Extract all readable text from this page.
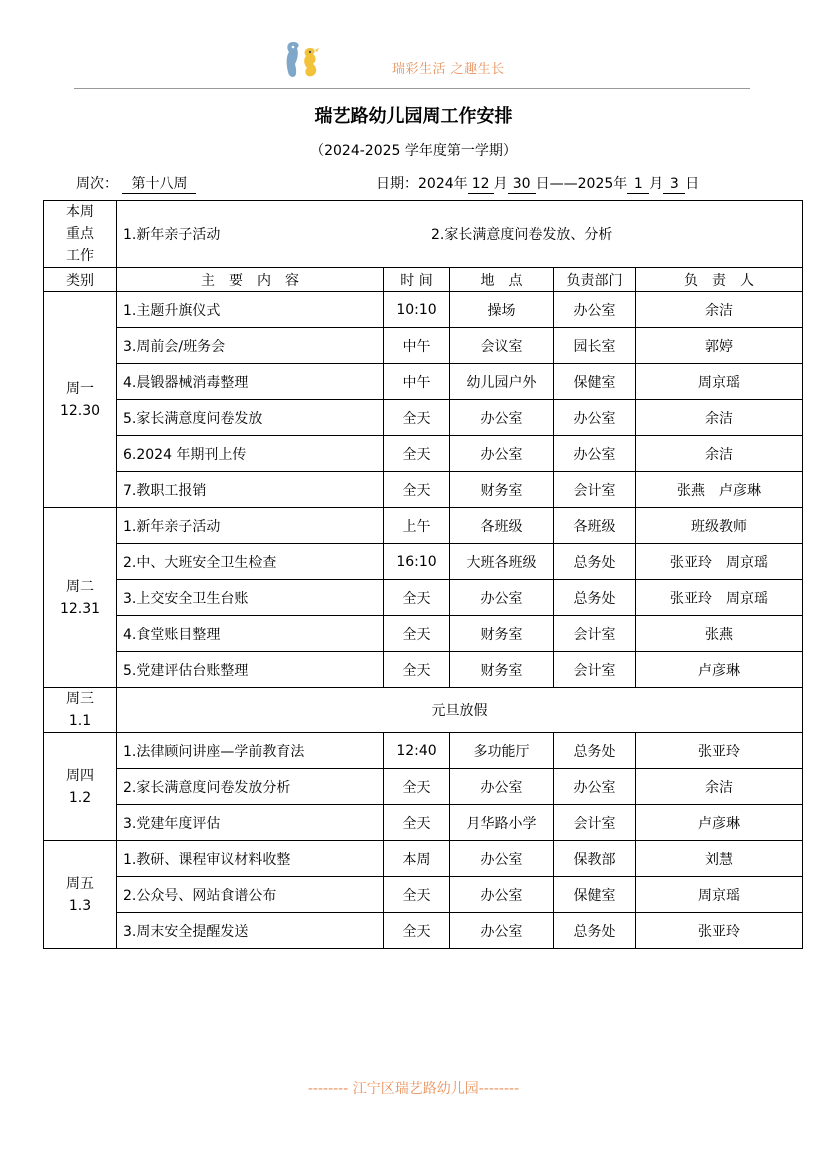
瑞彩生活 之趣生长
瑞艺路幼儿园周工作安排
（2024-2025 学年度第一学期）
周次： 第十八周	日期：2024年 12 月 30 日——2025年 1 月 3 日
本周
重点
工作	1.新年亲子活动 2.家长满意度问卷发放、分析				
类别	主　要　内　容	时 间	地　点	负责部门	负　责　人

周一
12.30	1.主题升旗仪式	10:10	操场	办公室	余洁
	3.周前会/班务会	中午	会议室	园长室	郭婷
	4.晨锻器械消毒整理	中午	幼儿园户外	保健室	周京瑶
	5.家长满意度问卷发放	全天	办公室	办公室	余洁
	6.2024 年期刊上传	全天	办公室	办公室	余洁
	7.教职工报销	全天	财务室	会计室	张燕　卢彦琳

周二
12.31	1.新年亲子活动	上午	各班级	各班级	班级教师
	2.中、大班安全卫生检查	16:10	大班各班级	总务处	张亚玲　周京瑶
	3.上交安全卫生台账	全天	办公室	总务处	张亚玲　周京瑶
	4.食堂账目整理	全天	财务室	会计室	张燕
	5.党建评估台账整理	全天	财务室	会计室	卢彦琳

周三
1.1	元旦放假				

周四
1.2	1.法律顾问讲座—学前教育法	12:40	多功能厅	总务处	张亚玲
	2.家长满意度问卷发放分析	全天	办公室	办公室	余洁
	3.党建年度评估	全天	月华路小学	会计室	卢彦琳

周五
1.3	1.教研、课程审议材料收整	本周	办公室	保教部	刘慧
	2.公众号、网站食谱公布	全天	办公室	保健室	周京瑶
	3.周末安全提醒发送	全天	办公室	总务处	张亚玲
-------- 江宁区瑞艺路幼儿园--------
